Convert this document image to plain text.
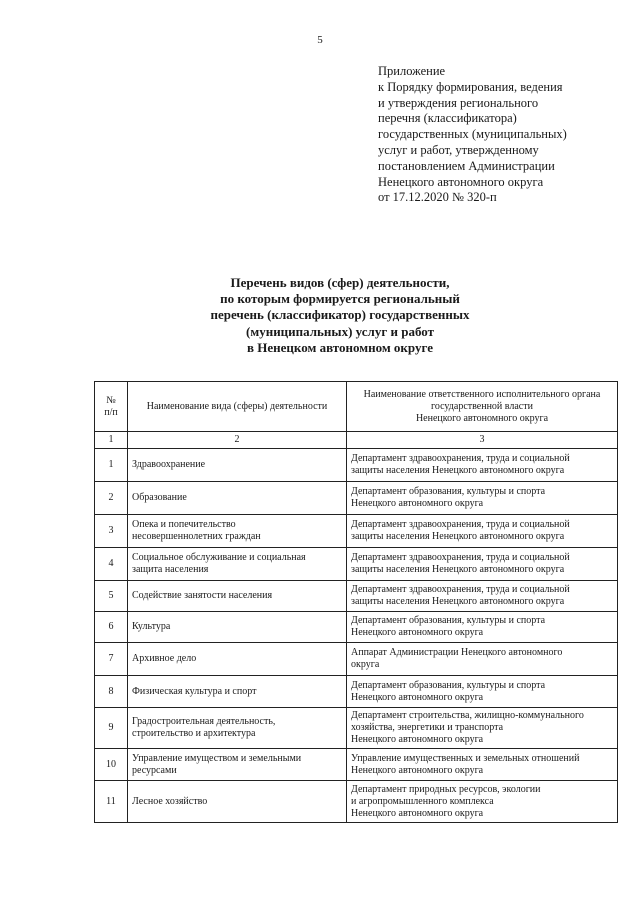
5
Приложение
к Порядку формирования, ведения
и утверждения регионального
перечня (классификатора)
государственных (муниципальных)
услуг и работ, утвержденному
постановлением Администрации
Ненецкого автономного округа
от 17.12.2020 № 320-п
Перечень видов (сфер) деятельности,
по которым формируется региональный
перечень (классификатор) государственных
(муниципальных) услуг и работ
в Ненецком автономном округе
№
п/п	Наименование вида (сферы) деятельности	Наименование ответственного исполнительного органа
государственной власти
Ненецкого автономного округа

1	2	3
1	Здравоохранение	Департамент здравоохранения, труда и социальной
защиты населения Ненецкого автономного округа

2	Образование	Департамент образования, культуры и спорта
Ненецкого автономного округа

3	Опека и попечительство
несовершеннолетних граждан	Департамент здравоохранения, труда и социальной
защиты населения Ненецкого автономного округа

4	Социальное обслуживание и социальная
защита населения	Департамент здравоохранения, труда и социальной
защиты населения Ненецкого автономного округа

5	Содействие занятости населения	Департамент здравоохранения, труда и социальной
защиты населения Ненецкого автономного округа

6	Культура	Департамент образования, культуры и спорта
Ненецкого автономного округа

7	Архивное дело	Аппарат Администрации Ненецкого автономного
округа

8	Физическая культура и спорт	Департамент образования, культуры и спорта
Ненецкого автономного округа

9	Градостроительная деятельность,
строительство и архитектура	Департамент строительства, жилищно-коммунального
хозяйства, энергетики и транспорта
Ненецкого автономного округа

10	Управление имуществом и земельными
ресурсами	Управление имущественных и земельных отношений
Ненецкого автономного округа

11	Лесное хозяйство	Департамент природных ресурсов, экологии
и агропромышленного комплекса
Ненецкого автономного округа
